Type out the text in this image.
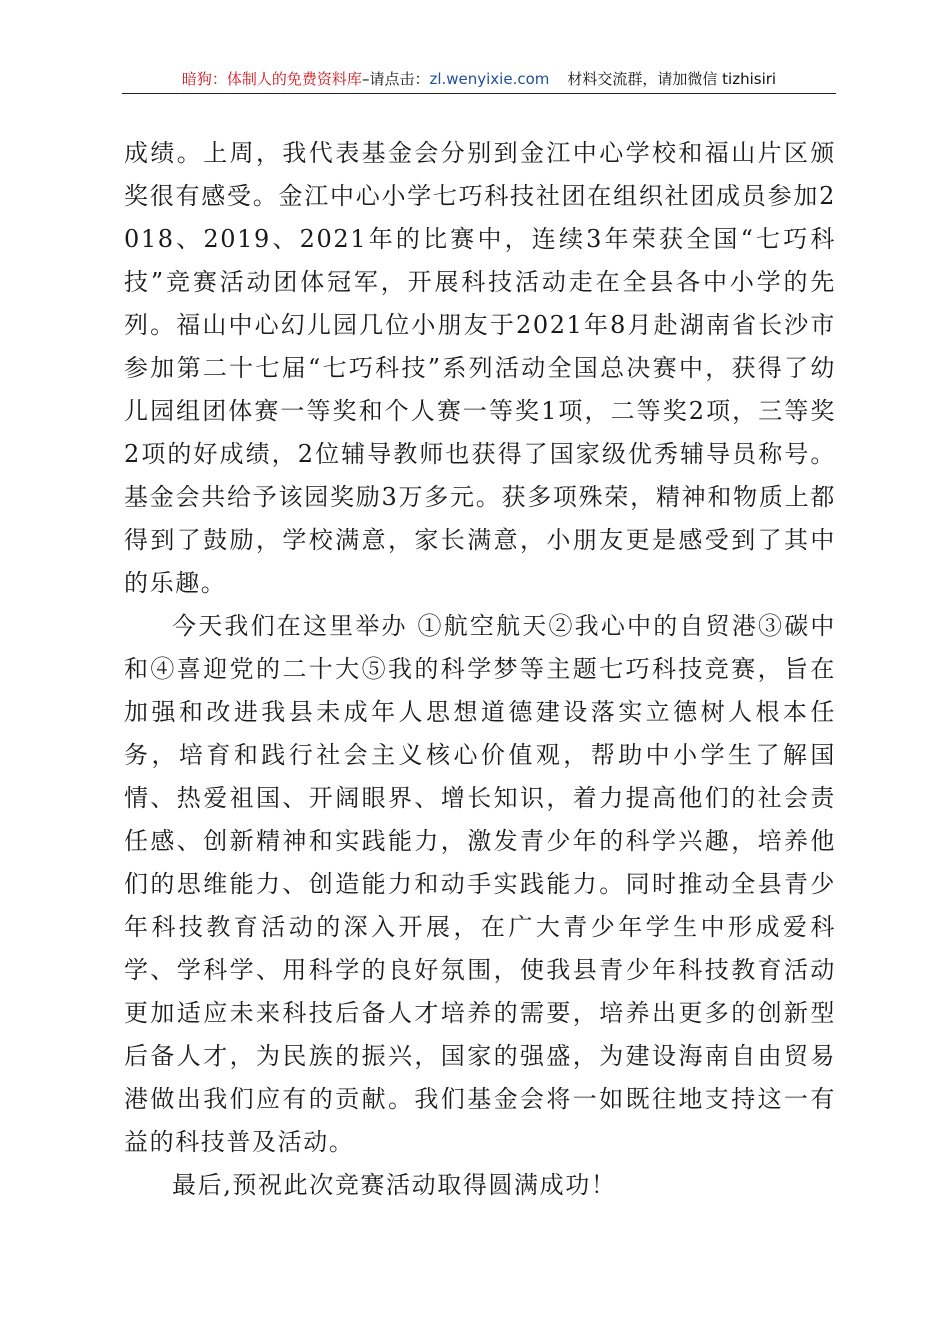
暗狗：体制人的免费资料库–请点击：zl.wenyixie.com 材料交流群，请加微信 tizhisiri

成绩。上周，我代表基金会分别到金江中心学校和福山片区颁奖很有感受。金江中心小学七巧科技社团在组织社团成员参加2018、2019、2021年的比赛中，连续3年荣获全国“七巧科技”竞赛活动团体冠军，开展科技活动走在全县各中小学的先列。福山中心幻儿园几位小朋友于2021年8月赴湖南省长沙市参加第二十七届“七巧科技”系列活动全国总决赛中，获得了幼儿园组团体赛一等奖和个人赛一等奖1项，二等奖2项，三等奖2项的好成绩，2位辅导教师也获得了国家级优秀辅导员称号。基金会共给予该园奖励3万多元。获多项殊荣，精神和物质上都得到了鼓励，学校满意，家长满意，小朋友更是感受到了其中的乐趣。

今天我们在这里举办 ①航空航天②我心中的自贸港③碳中和④喜迎党的二十大⑤我的科学梦等主题七巧科技竞赛，旨在加强和改进我县未成年人思想道德建设落实立德树人根本任务，培育和践行社会主义核心价值观，帮助中小学生了解国情、热爱祖国、开阔眼界、增长知识，着力提高他们的社会责任感、创新精神和实践能力，激发青少年的科学兴趣，培养他们的思维能力、创造能力和动手实践能力。同时推动全县青少年科技教育活动的深入开展，在广大青少年学生中形成爱科学、学科学、用科学的良好氛围，使我县青少年科技教育活动更加适应未来科技后备人才培养的需要，培养出更多的创新型后备人才，为民族的振兴，国家的强盛，为建设海南自由贸易港做出我们应有的贡献。我们基金会将一如既往地支持这一有益的科技普及活动。

最后,预祝此次竞赛活动取得圆满成功！
